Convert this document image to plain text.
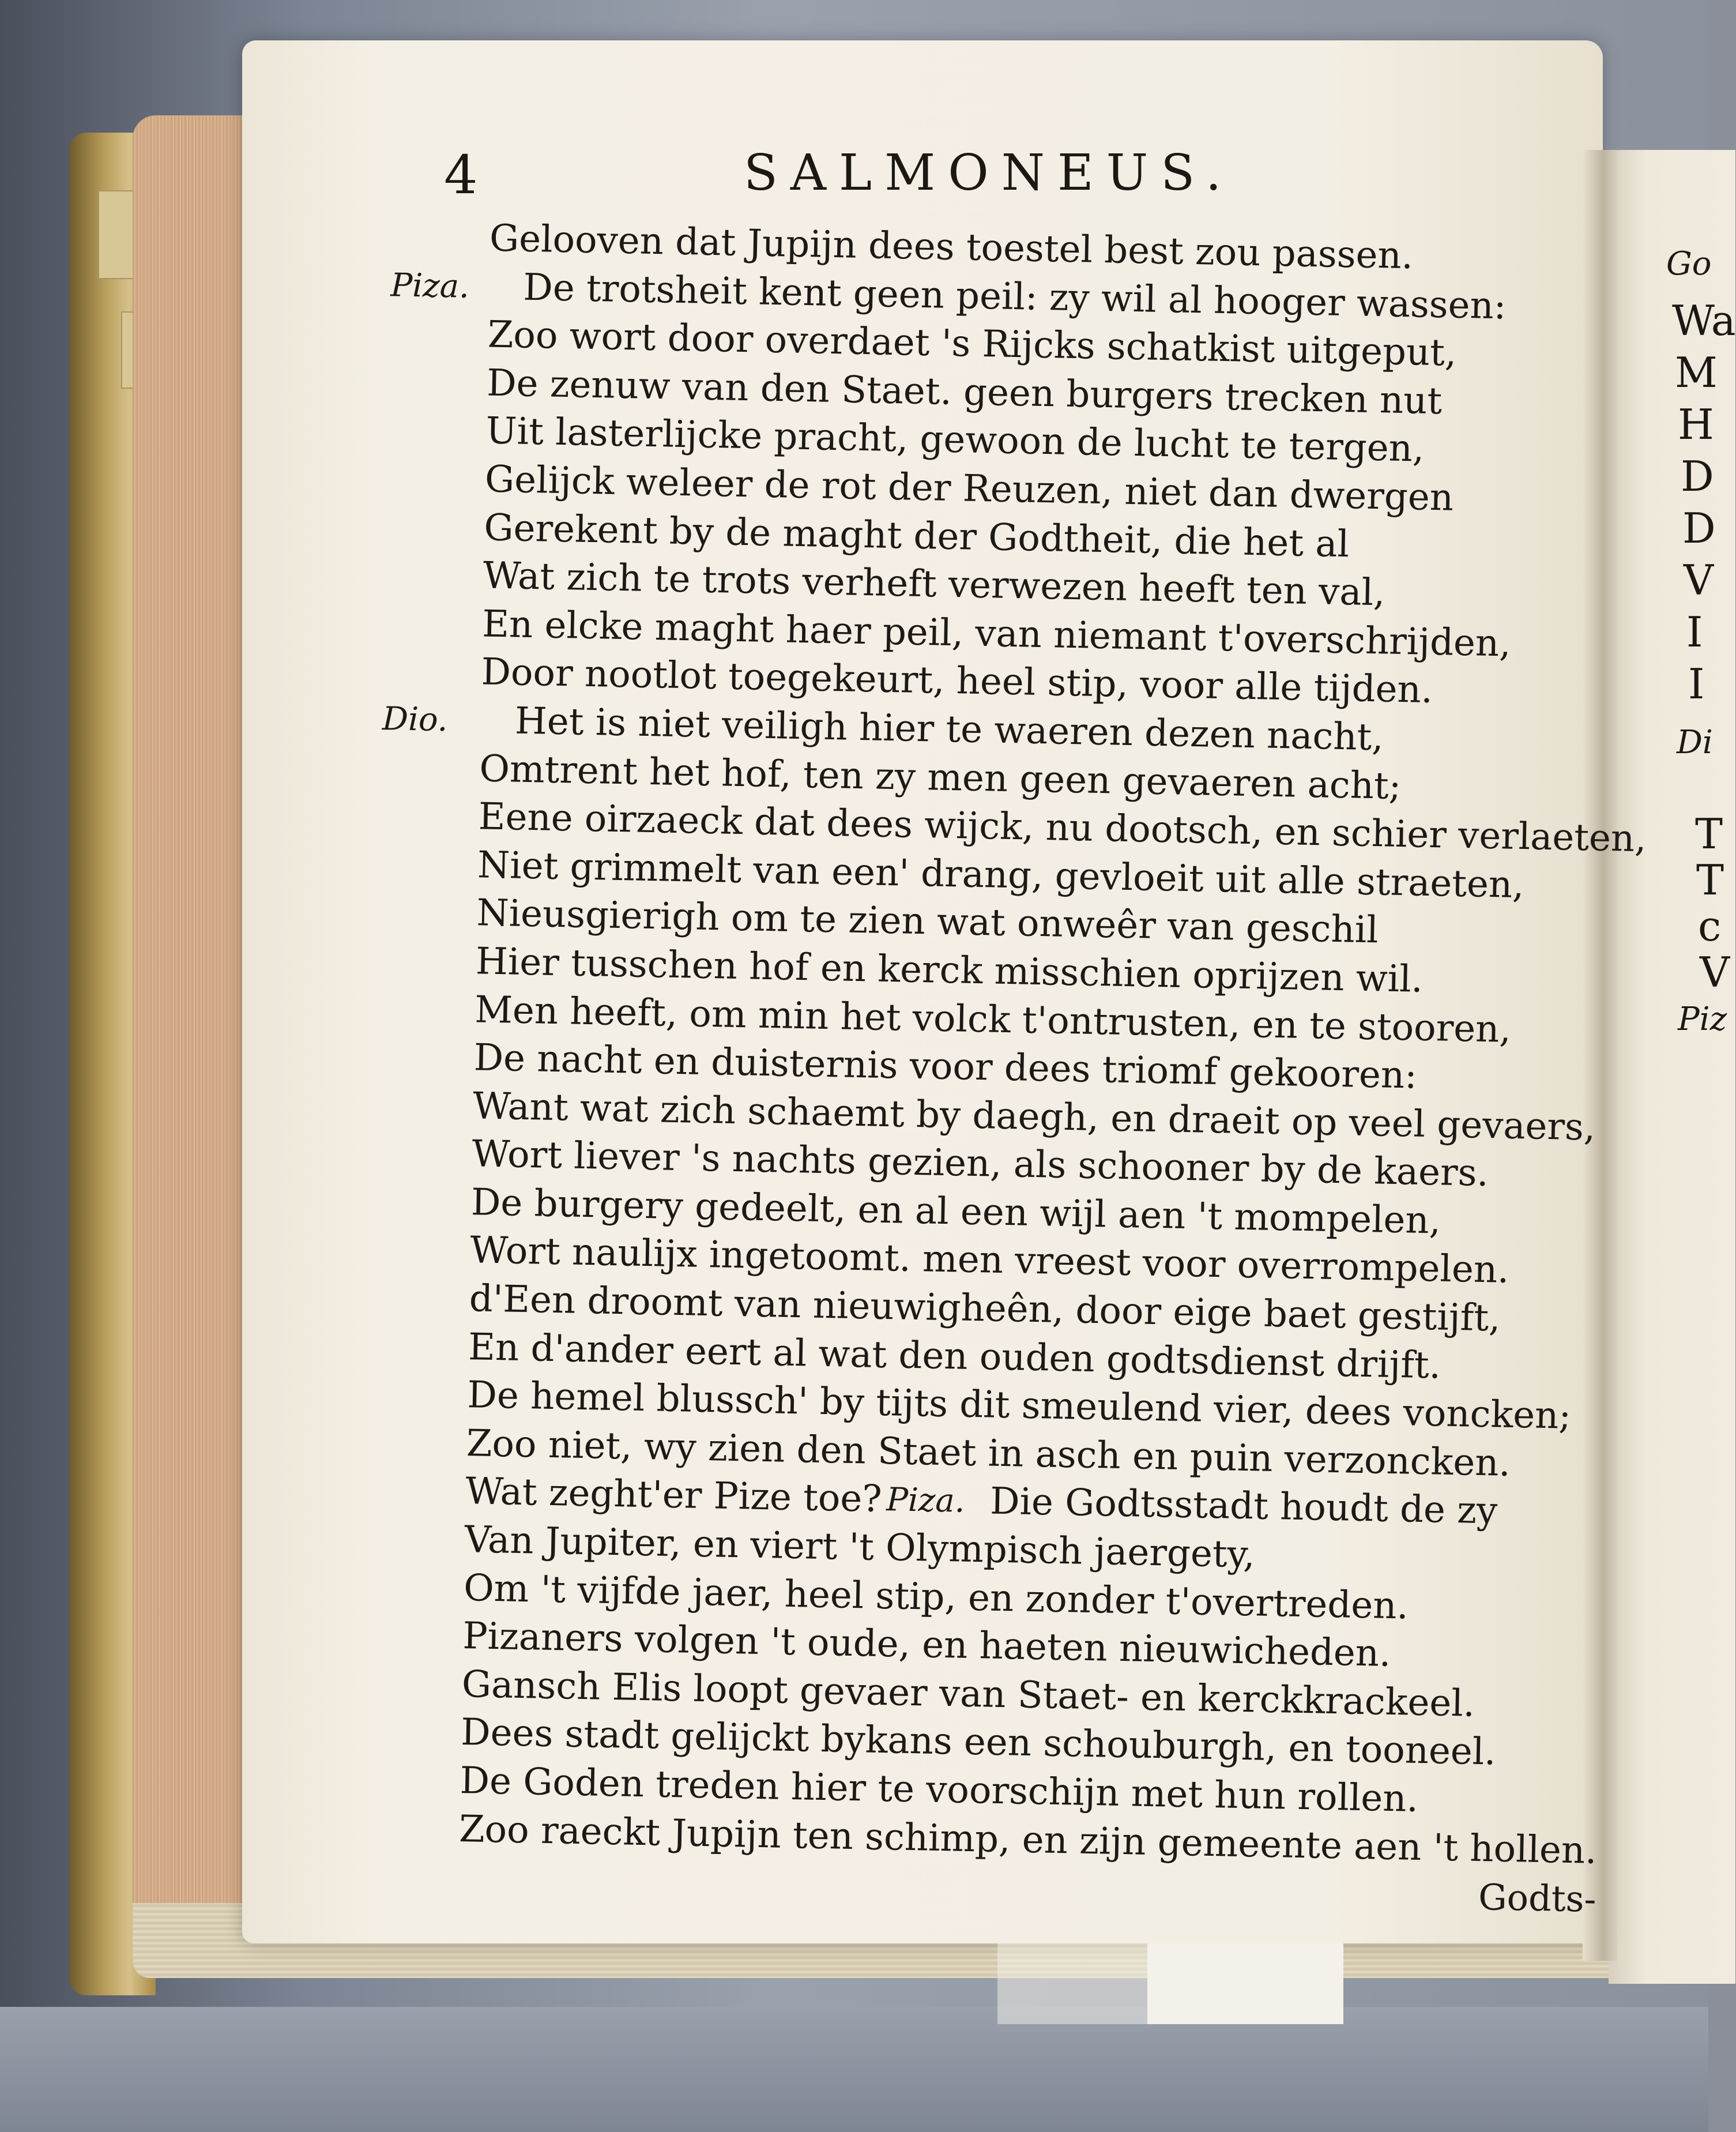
Go
Wa
M
H
D
D
V
I
I
Di
T
T
c
V
Piz
4	SALMONEUS.
Gelooven dat Jupijn dees toestel best zou passen.
Piza. De trotsheit kent geen peil: zy wil al hooger wassen:
Zoo wort door overdaet 's Rijcks schatkist uitgeput,
De zenuw van den Staet. geen burgers trecken nut
Uit lasterlijcke pracht, gewoon de lucht te tergen,
Gelijck weleer de rot der Reuzen, niet dan dwergen
Gerekent by de maght der Godtheit, die het al
Wat zich te trots verheft verwezen heeft ten val,
En elcke maght haer peil, van niemant t'overschrijden,
Door nootlot toegekeurt, heel stip, voor alle tijden.
Dio. Het is niet veiligh hier te waeren dezen nacht,
Omtrent het hof, ten zy men geen gevaeren acht;
Eene oirzaeck dat dees wijck, nu dootsch, en schier verlaeten,
Niet grimmelt van een' drang, gevloeit uit alle straeten,
Nieusgierigh om te zien wat onweêr van geschil
Hier tusschen hof en kerck misschien oprijzen wil.
Men heeft, om min het volck t'ontrusten, en te stooren,
De nacht en duisternis voor dees triomf gekooren:
Want wat zich schaemt by daegh, en draeit op veel gevaers,
Wort liever 's nachts gezien, als schooner by de kaers.
De burgery gedeelt, en al een wijl aen 't mompelen,
Wort naulijx ingetoomt. men vreest voor overrompelen.
d'Een droomt van nieuwigheên, door eige baet gestijft,
En d'ander eert al wat den ouden godtsdienst drijft.
De hemel blussch' by tijts dit smeulend vier, dees voncken;
Zoo niet, wy zien den Staet in asch en puin verzoncken.
Wat zeght'er Pize toe? Piza. Die Godtsstadt houdt de zy
Van Jupiter, en viert 't Olympisch jaergety,
Om 't vijfde jaer, heel stip, en zonder t'overtreden.
Pizaners volgen 't oude, en haeten nieuwicheden.
Gansch Elis loopt gevaer van Staet- en kerckkrackeel.
Dees stadt gelijckt bykans een schouburgh, en tooneel.
De Goden treden hier te voorschijn met hun rollen.
Zoo raeckt Jupijn ten schimp, en zijn gemeente aen 't hollen.
Godts-
